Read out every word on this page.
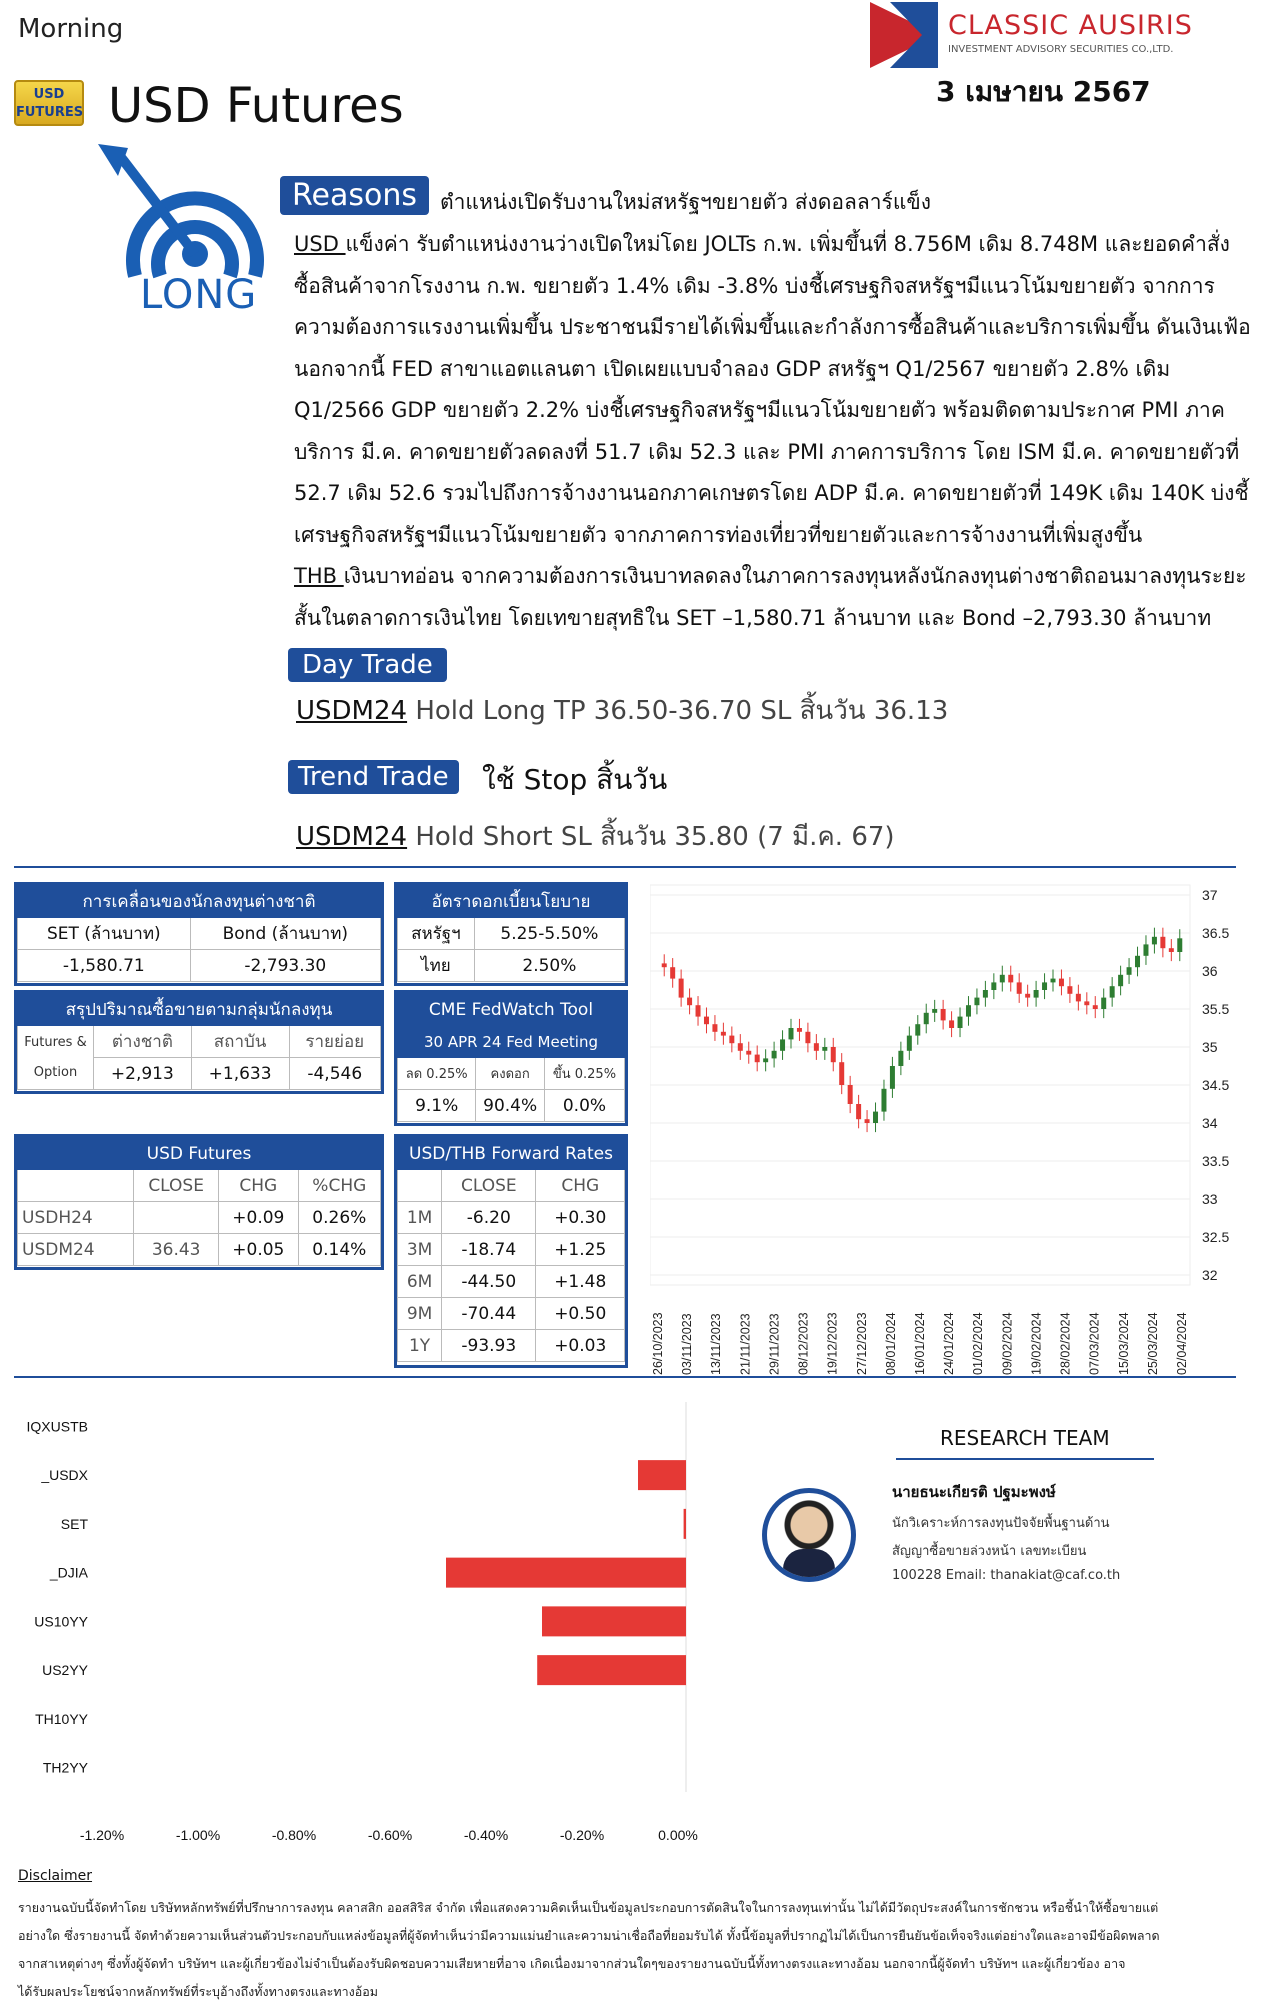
Morning
USD FUTURES USD Futures
CLASSIC AUSIRIS
INVESTMENT ADVISORY SECURITIES CO.,LTD.
3 เมษายน 2567
LONG
Reasons	ตำแหน่งเปิดรับงานใหม่สหรัฐฯขยายตัว ส่งดอลลาร์แข็ง
USD แข็งค่า รับตำแหน่งงานว่างเปิดใหม่โดย JOLTs ก.พ. เพิ่มขึ้นที่ 8.756M เดิม 8.748M และยอดคำสั่ง
ซื้อสินค้าจากโรงงาน ก.พ. ขยายตัว 1.4% เดิม -3.8% บ่งชี้เศรษฐกิจสหรัฐฯมีแนวโน้มขยายตัว จากการ
ความต้องการแรงงานเพิ่มขึ้น ประชาชนมีรายได้เพิ่มขึ้นและกำลังการซื้อสินค้าและบริการเพิ่มขึ้น ดันเงินเฟ้อ
นอกจากนี้ FED สาขาแอตแลนตา เปิดเผยแบบจำลอง GDP สหรัฐฯ Q1/2567 ขยายตัว 2.8% เดิม
Q1/2566 GDP ขยายตัว 2.2% บ่งชี้เศรษฐกิจสหรัฐฯมีแนวโน้มขยายตัว พร้อมติดตามประกาศ PMI ภาค
บริการ มี.ค. คาดขยายตัวลดลงที่ 51.7 เดิม 52.3 และ PMI ภาคการบริการ โดย ISM มี.ค. คาดขยายตัวที่
52.7 เดิม 52.6 รวมไปถึงการจ้างงานนอกภาคเกษตรโดย ADP มี.ค. คาดขยายตัวที่ 149K เดิม 140K บ่งชี้
เศรษฐกิจสหรัฐฯมีแนวโน้มขยายตัว จากภาคการท่องเที่ยวที่ขยายตัวและการจ้างงานที่เพิ่มสูงขึ้น
THB เงินบาทอ่อน จากความต้องการเงินบาทลดลงในภาคการลงทุนหลังนักลงทุนต่างชาติถอนมาลงทุนระยะ
สั้นในตลาดการเงินไทย โดยเทขายสุทธิใน SET –1,580.71 ล้านบาท และ Bond –2,793.30 ล้านบาท
Day Trade
USDM24 Hold Long TP 36.50-36.70 SL สิ้นวัน 36.13
Trend Trade	ใช้ Stop สิ้นวัน
USDM24 Hold Short SL สิ้นวัน 35.80 (7 มี.ค. 67)
การเคลื่อนของนักลงทุนต่างชาติ	
SET (ล้านบาท)	Bond (ล้านบาท)
-1,580.71	-2,793.30
อัตราดอกเบี้ยนโยบาย	
สหรัฐฯ	5.25-5.50%
ไทย	2.50%
สรุปปริมาณซื้อขายตามกลุ่มนักลงทุน			
Futures &

Option	ต่างชาติ	สถาบัน	รายย่อย
	+2,913	+1,633	-4,546
CME FedWatch Tool		
30 APR 24 Fed Meeting		
ลด 0.25%	คงดอก	ขึ้น 0.25%
9.1%	90.4%	0.0%
USD Futures			
	CLOSE	CHG	%CHG
USDH24		+0.09	0.26%
USDM24	36.43	+0.05	0.14%
USD/THB Forward Rates		
	CLOSE	CHG
1M	-6.20	+0.30
3M	-18.74	+1.25
6M	-44.50	+1.48
9M	-70.44	+0.50
1Y	-93.93	+0.03
37
36.5
36
35.5
35
34.5
34
33.5
33
32.5
32
26/10/2023 03/11/2023 13/11/2023 21/11/2023 29/11/2023 08/12/2023 19/12/2023 27/12/2023 08/01/2024 16/01/2024 24/01/2024 01/02/2024 09/02/2024 19/02/2024 28/02/2024 07/03/2024 15/03/2024 25/03/2024 02/04/2024
IQXUSTB
_USDX
SET
_DJIA
US10YY
US2YY
TH10YY
TH2YY
-1.20%	-1.00%	-0.80%	-0.60%	-0.40%	-0.20%	0.00%
RESEARCH TEAM
นายธนะเกียรติ ปฐมะพงษ์
นักวิเคราะห์การลงทุนปัจจัยพื้นฐานด้าน
สัญญาซื้อขายล่วงหน้า เลขทะเบียน
100228 Email: thanakiat@caf.co.th
Disclaimer
รายงานฉบับนี้จัดทำโดย บริษัทหลักทรัพย์ที่ปรึกษาการลงทุน คลาสสิก ออสสิริส จำกัด เพื่อแสดงความคิดเห็นเป็นข้อมูลประกอบการตัดสินใจในการลงทุนเท่านั้น ไม่ได้มีวัตถุประสงค์ในการชักชวน หรือชี้นำให้ซื้อขายแต่
อย่างใด ซึ่งรายงานนี้ จัดทำด้วยความเห็นส่วนตัวประกอบกับแหล่งข้อมูลที่ผู้จัดทำเห็นว่ามีความแม่นยำและความน่าเชื่อถือที่ยอมรับได้ ทั้งนี้ข้อมูลที่ปรากฏไม่ได้เป็นการยืนยันข้อเท็จจริงแต่อย่างใดและอาจมีข้อผิดพลาด
จากสาเหตุต่างๆ ซึ่งทั้งผู้จัดทำ บริษัทฯ และผู้เกี่ยวข้องไม่จำเป็นต้องรับผิดชอบความเสียหายที่อาจ เกิดเนื่องมาจากส่วนใดๆของรายงานฉบับนี้ทั้งทางตรงและทางอ้อม นอกจากนี้ผู้จัดทำ บริษัทฯ และผู้เกี่ยวข้อง อาจ
ได้รับผลประโยชน์จากหลักทรัพย์ที่ระบุอ้างถึงทั้งทางตรงและทางอ้อม
